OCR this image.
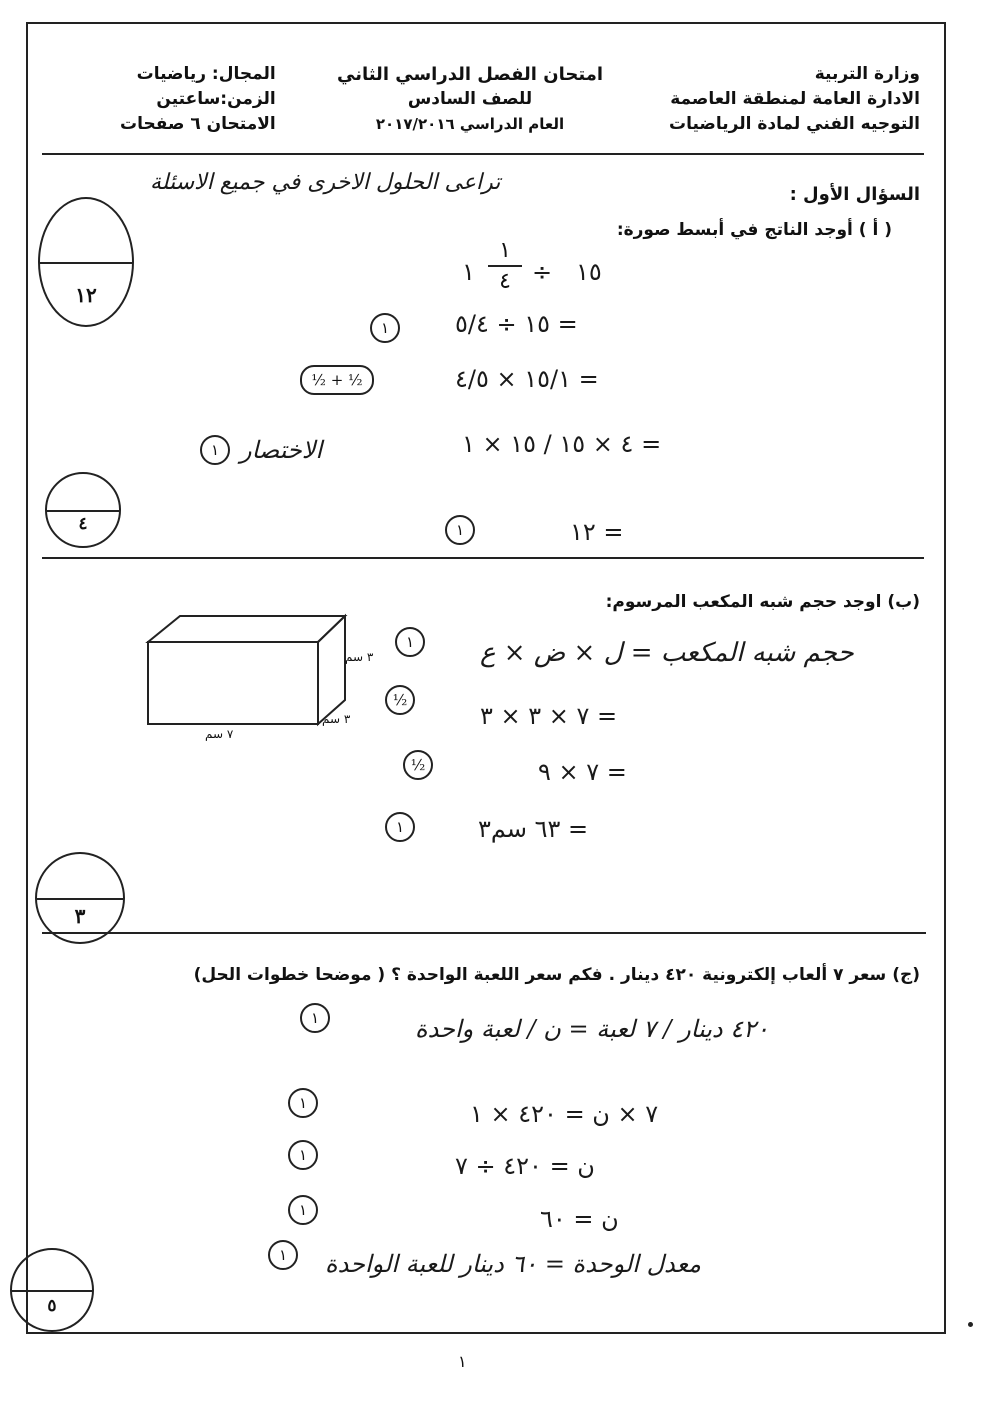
وزارة التربية
الادارة العامة لمنطقة العاصمة
التوجيه الفني لمادة الرياضيات
امتحان الفصل الدراسي الثاني
للصف السادس
العام الدراسي ٢٠١٧/٢٠١٦
المجال: رياضيات
الزمن:ساعتين
الامتحان ٦ صفحات
السؤال الأول :
تراعى الحلول الاخرى في جميع الاسئلة
١٢
( أ ) أوجد الناتج في أبسط صورة:
١
١
٤ ÷ ١٥
= ١٥ ÷ ٥/٤
١
= ١٥/١ × ٤/٥
½ + ½
= ٤ × ١٥ / ١٥ × ١
الاختصار
١
= ١٢
١
٤
(ب) اوجد حجم شبه المكعب المرسوم:
٣ سم
٣ سم
٧ سم
حجم شبه المكعب = ل × ض × ع
١
= ٧ × ٣ × ٣
½
= ٧ × ٩
½
= ٦٣ سم٣
١
٣
(ج) سعر ٧ ألعاب إلكترونية ٤٢٠ دينار . فكم سعر اللعبة الواحدة ؟ ( موضحا خطوات الحل)
٤٢٠ دينار / ٧ لعبة = ن / لعبة واحدة
١
٧ × ن = ٤٢٠ × ١
١
ن = ٤٢٠ ÷ ٧
١
ن = ٦٠
١
معدل الوحدة = ٦٠ دينار للعبة الواحدة
١
٥
١
